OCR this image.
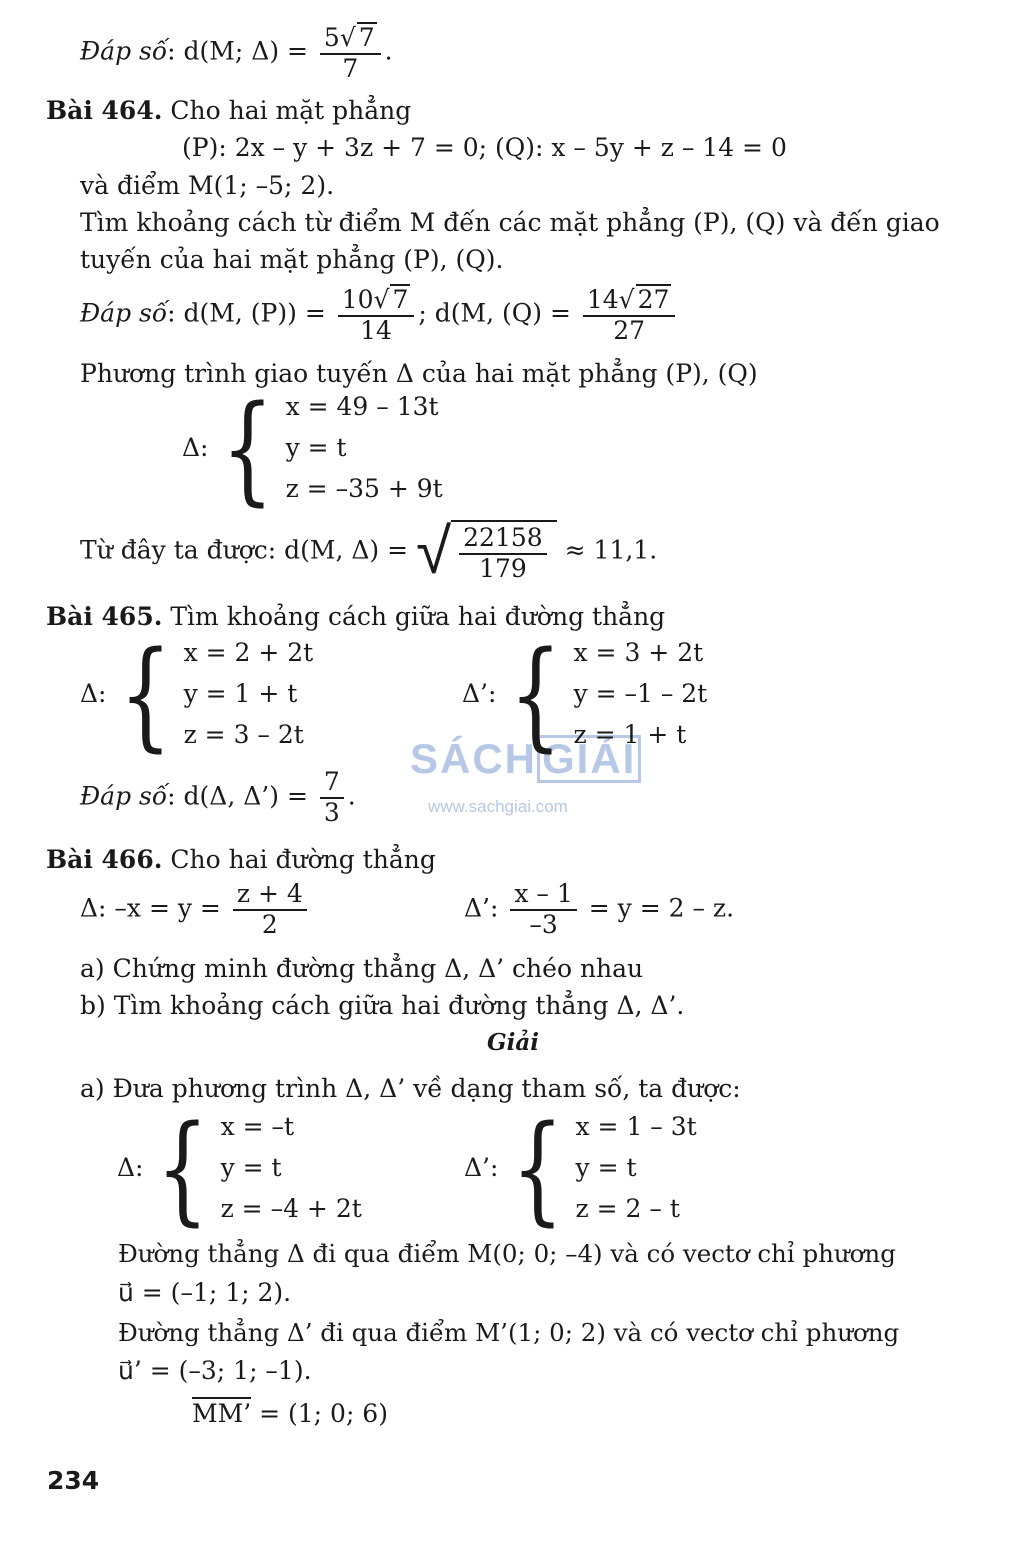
SÁCH GIẢI
www.sachgiai.com
Đáp số: d(M; $\Delta) = \frac{5√ 7}{7}$ .
Bài 464. Cho hai mặt phẳng
(P): 2x – y + 3z + 7 = 0; (Q): x – 5y + z – 14 = 0
và điểm M(1; –5; 2).
Tìm khoảng cách từ điểm M đến các mặt phẳng (P), (Q) và đến giao
tuyến của hai mặt phẳng (P), (Q).
Đáp số: d(M, $(P)) = \frac{10√ 7}{14}$ ; d(M, $(Q) = \frac{14√ 27}{27}$
Phương trình giao tuyến Δ của hai mặt phẳng (P), (Q)
Δ: { x = 49 – 13t
y = t
z = –35 + 9t
Từ đây ta được: d(M, Δ) = √ $\frac{22158}{179} \approx 11,1$.
Bài 465. Tìm khoảng cách giữa hai đường thẳng
Δ: { x = 2 + 2t
y = 1 + t
z = 3 – 2t
Δ’: { x = 3 + 2t
y = –1 – 2t
z = 1 + t
Đáp số: d(Δ, Δ’) = $\frac{7}{3}$ .
Bài 466. Cho hai đường thẳng
Δ: $-x = y = \frac{z + 4}{2}$	Δ’: $\frac{x - 1}{-3} = y = 2 - z$.
a) Chứng minh đường thẳng Δ, Δ’ chéo nhau
b) Tìm khoảng cách giữa hai đường thẳng Δ, Δ’.
Giải
a) Đưa phương trình Δ, Δ’ về dạng tham số, ta được:
Δ: { x = –t
y = t
z = –4 + 2t
Δ’: { x = 1 – 3t
y = t
z = 2 – t
Đường thẳng Δ đi qua điểm M(0; 0; –4) và có vectơ chỉ phương
u⃗ = (–1; 1; 2).
Đường thẳng Δ’ đi qua điểm M’(1; 0; 2) và có vectơ chỉ phương
u⃗’ = (–3; 1; –1).
MM’ = (1; 0; 6)
234
